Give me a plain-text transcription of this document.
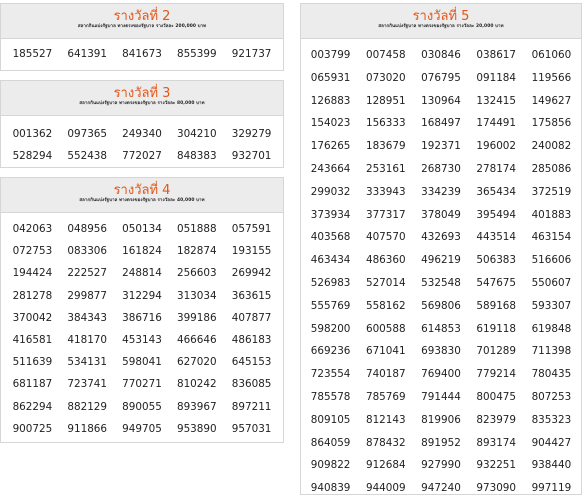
รางวัลที่ 2
สลากกินแบ่งรัฐบาล ทางตรงของรัฐบาล รางวัลละ 200,000 บาท
185527	641391	841673	855399	921737
รางวัลที่ 3
สลากกินแบ่งรัฐบาล ทางตรงของรัฐบาล รางวัลละ 80,000 บาท
001362	097365	249340	304210	329279
528294	552438	772027	848383	932701
รางวัลที่ 4
สลากกินแบ่งรัฐบาล ทางตรงของรัฐบาล รางวัลละ 40,000 บาท
042063	048956	050134	051888	057591
072753	083306	161824	182874	193155
194424	222527	248814	256603	269942
281278	299877	312294	313034	363615
370042	384343	386716	399186	407877
416581	418170	453143	466646	486183
511639	534131	598041	627020	645153
681187	723741	770271	810242	836085
862294	882129	890055	893967	897211
900725	911866	949705	953890	957031
รางวัลที่ 5
สลากกินแบ่งรัฐบาล ทางตรงของรัฐบาล รางวัลละ 20,000 บาท
003799	007458	030846	038617	061060
065931	073020	076795	091184	119566
126883	128951	130964	132415	149627
154023	156333	168497	174491	175856
176265	183679	192371	196002	240082
243664	253161	268730	278174	285086
299032	333943	334239	365434	372519
373934	377317	378049	395494	401883
403568	407570	432693	443514	463154
463434	486360	496219	506383	516606
526983	527014	532548	547675	550607
555769	558162	569806	589168	593307
598200	600588	614853	619118	619848
669236	671041	693830	701289	711398
723554	740187	769400	779214	780435
785578	785769	791444	800475	807253
809105	812143	819906	823979	835323
864059	878432	891952	893174	904427
909822	912684	927990	932251	938440
940839	944009	947240	973090	997119
